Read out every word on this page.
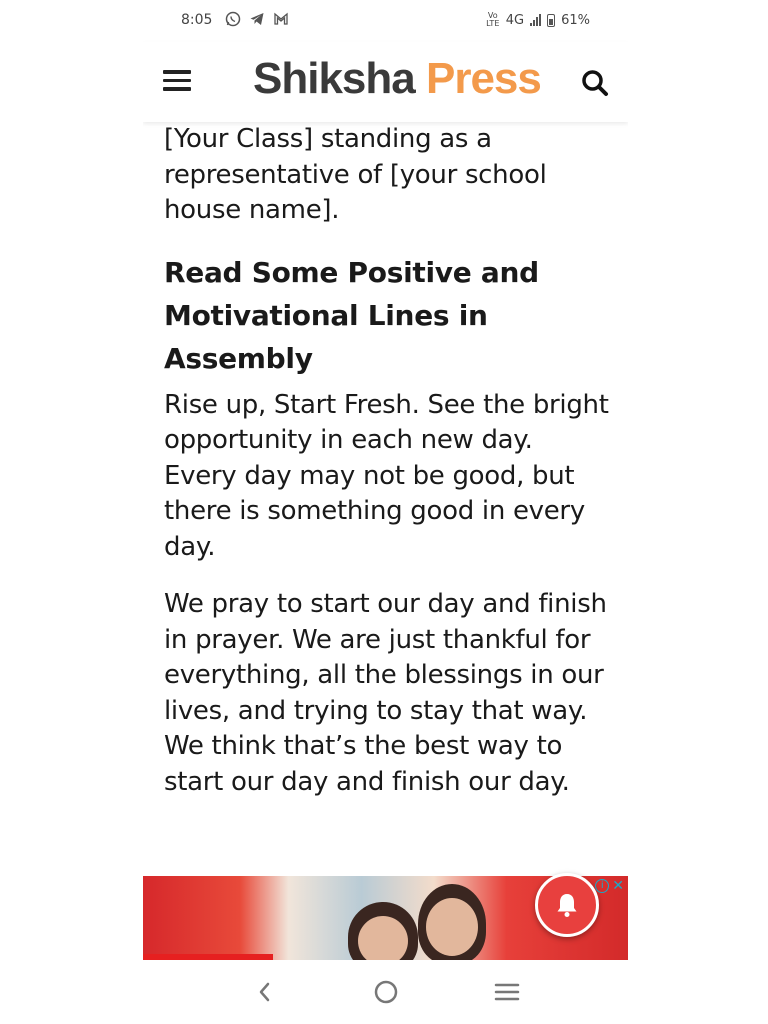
8:05	Vo
LTE 4G	61%
Shiksha Press

[Your Class] standing as a representative of [your school house name].

Read Some Positive and Motivational Lines in Assembly

Rise up, Start Fresh. See the bright opportunity in each new day. Every day may not be good, but there is something good in every day.

We pray to start our day and finish in prayer. We are just thankful for everything, all the blessings in our lives, and trying to stay that way. We think that’s the best way to start our day and finish our day.

i ✕
